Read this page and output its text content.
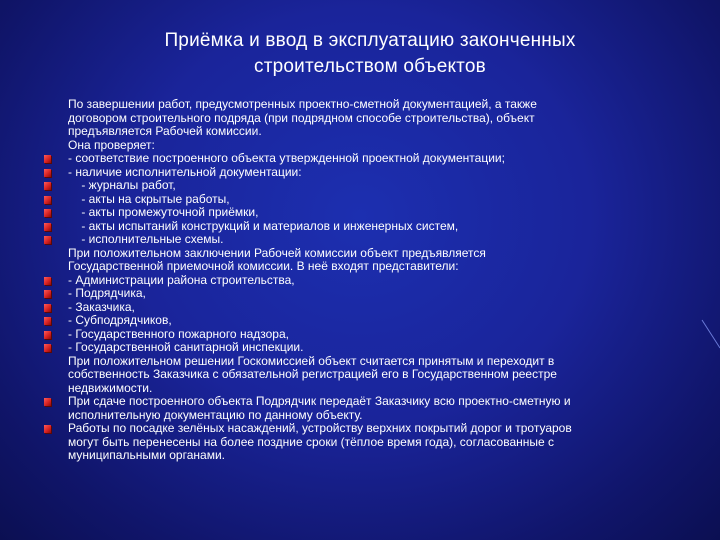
Приёмка и ввод в эксплуатацию законченных
строительством объектов
По завершении работ, предусмотренных проектно-сметной документацией, а также
договором строительного подряда (при подрядном способе строительства), объект
предъявляется Рабочей комиссии.
Она проверяет:
- соответствие построенного объекта утвержденной проектной документации;
- наличие исполнительной документации:
- журналы работ,
- акты на скрытые работы,
- акты промежуточной приёмки,
- акты испытаний конструкций и материалов и инженерных систем,
- исполнительные схемы.
При положительном заключении Рабочей комиссии объект предъявляется
Государственной приемочной комиссии. В неё входят представители:
- Администрации района строительства,
- Подрядчика,
- Заказчика,
- Субподрядчиков,
- Государственного пожарного надзора,
- Государственной санитарной инспекции.
При положительном решении Госкомиссией объект считается принятым и переходит в
собственность Заказчика с обязательной регистрацией его в Государственном реестре
недвижимости.
При сдаче построенного объекта Подрядчик передаёт Заказчику всю проектно-сметную и
исполнительную документацию по данному объекту.
Работы по посадке зелёных насаждений, устройству верхних покрытий дорог и тротуаров
могут быть перенесены на более поздние сроки (тёплое время года), согласованные с
муниципальными органами.
